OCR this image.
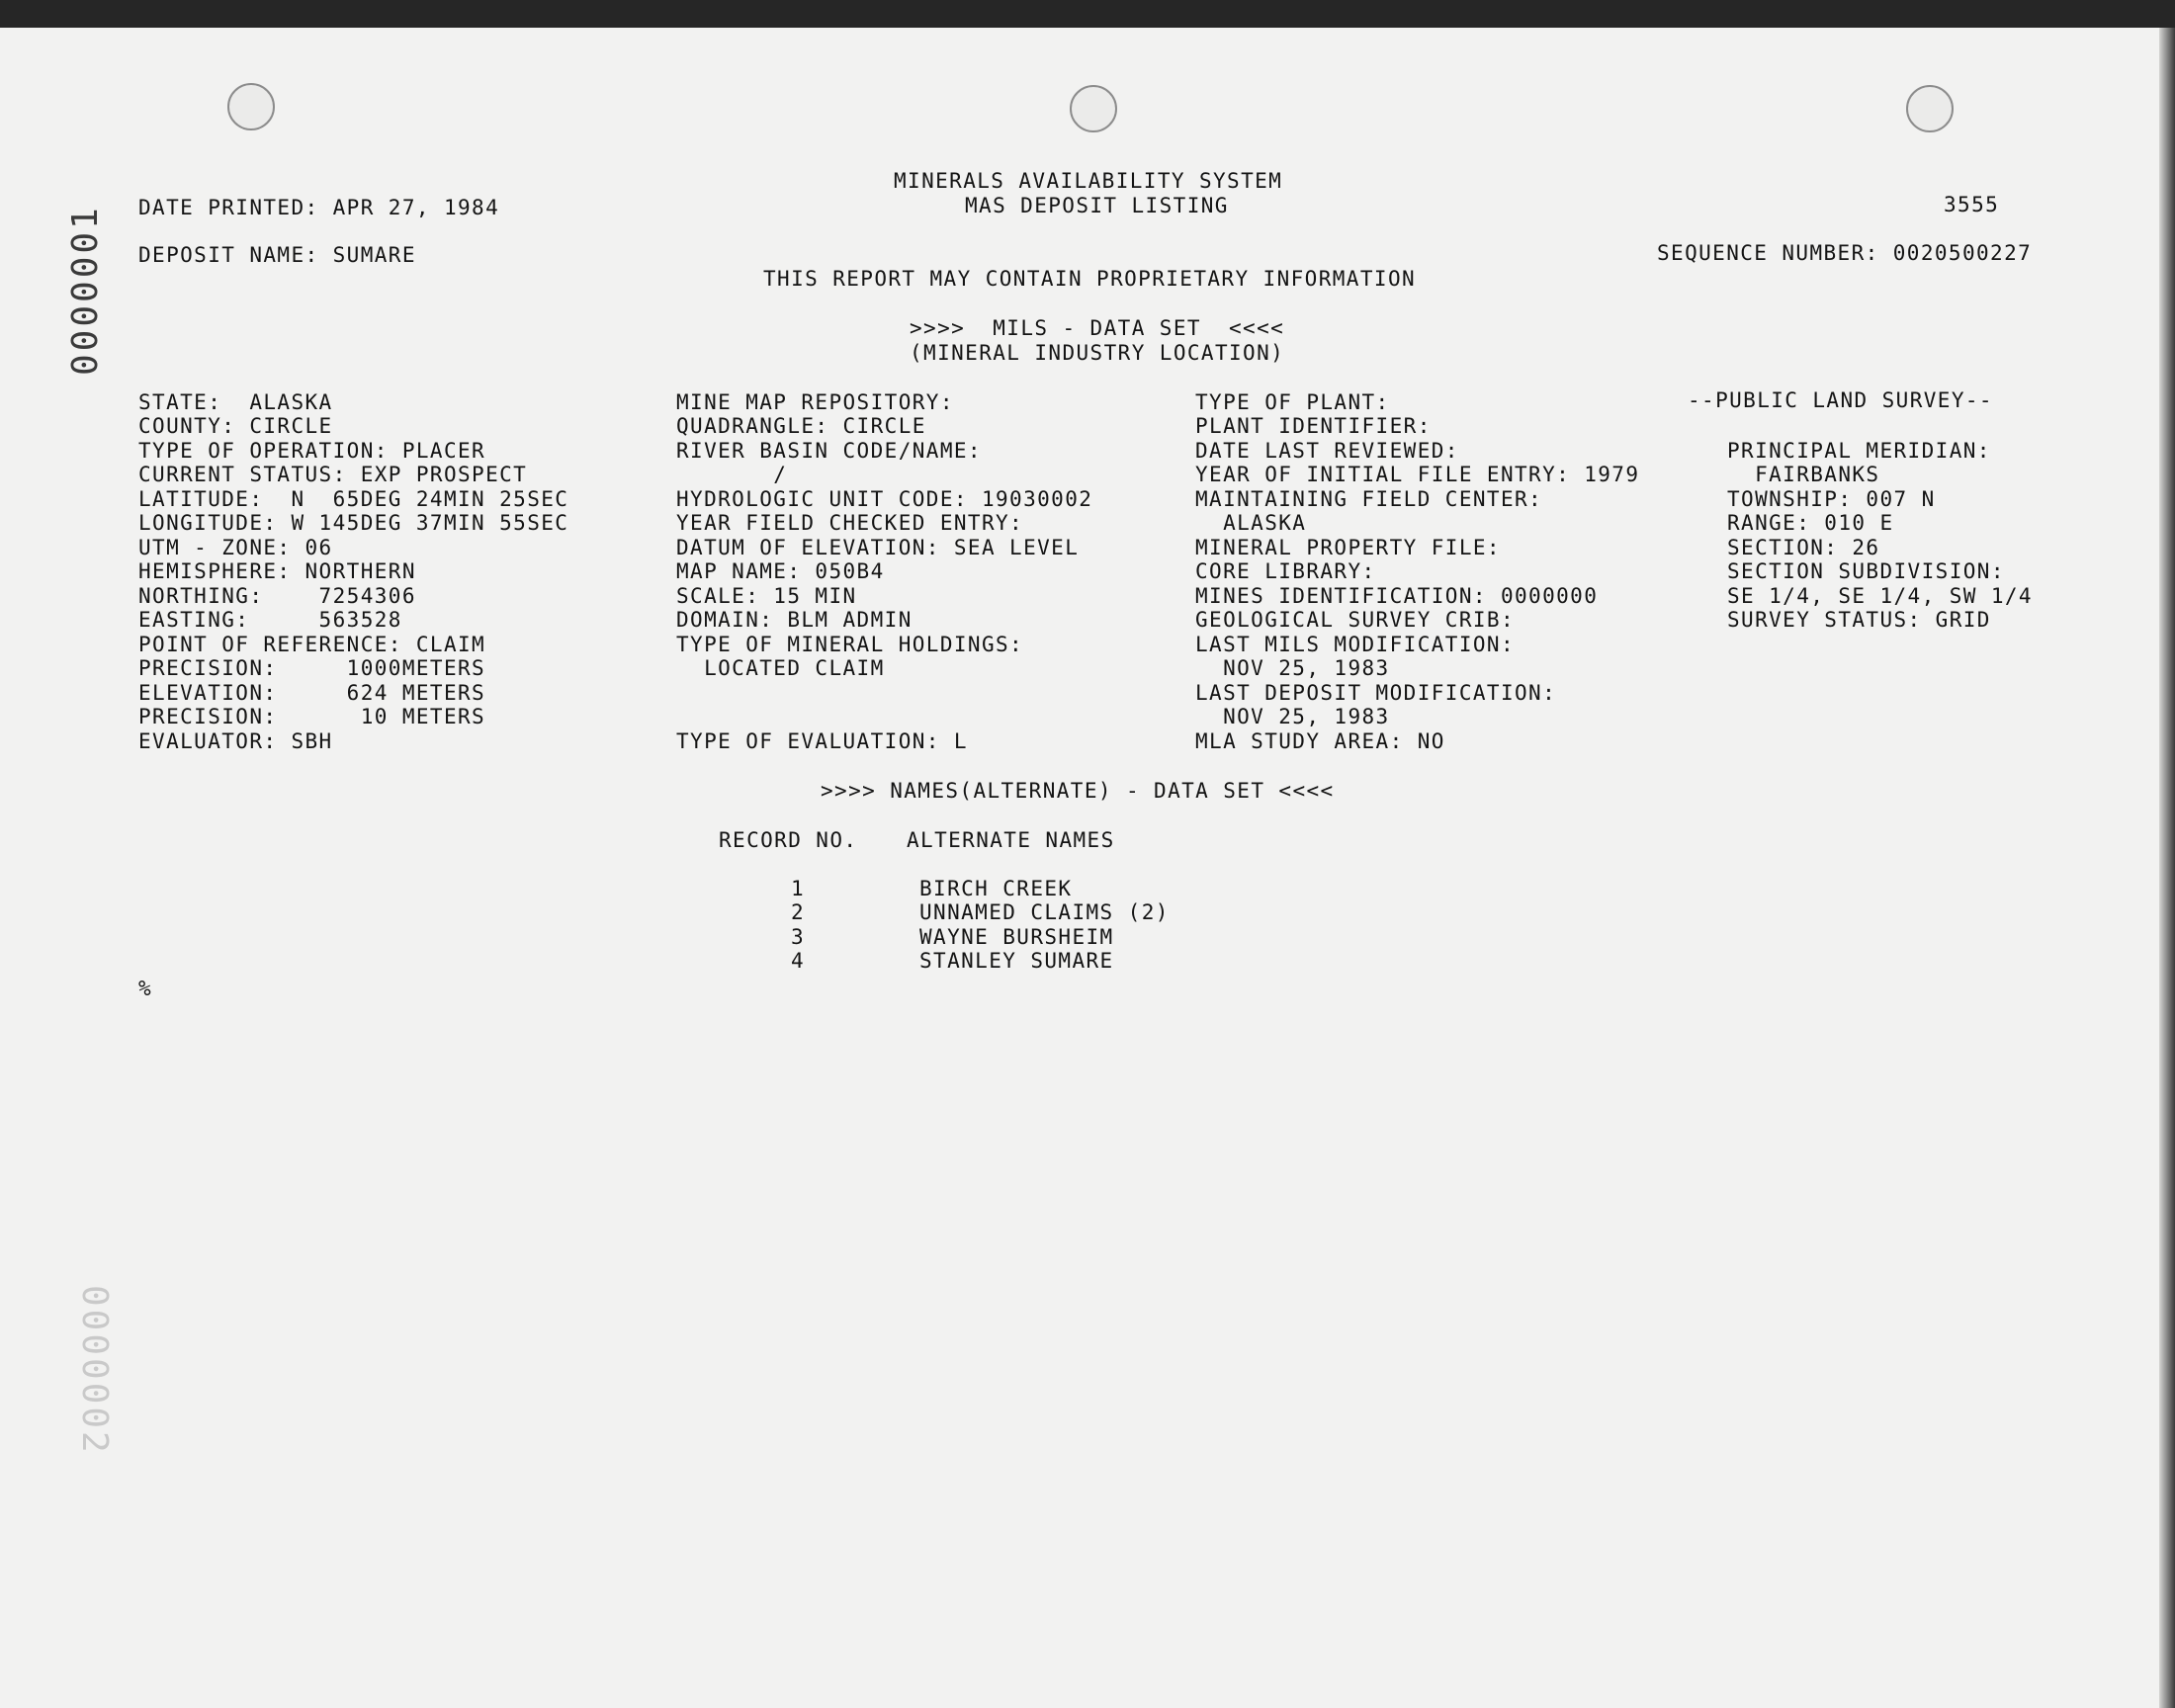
0000001
0000002
MINERALS AVAILABILITY SYSTEM
MAS DEPOSIT LISTING
DATE PRINTED: APR 27, 1984	3555
DEPOSIT NAME: SUMARE	SEQUENCE NUMBER: 0020500227
THIS REPORT MAY CONTAIN PROPRIETARY INFORMATION
>>>>  MILS - DATA SET  <<<<
(MINERAL INDUSTRY LOCATION)
STATE:  ALASKA
COUNTY: CIRCLE
TYPE OF OPERATION: PLACER
CURRENT STATUS: EXP PROSPECT
LATITUDE:  N  65DEG 24MIN 25SEC
LONGITUDE: W 145DEG 37MIN 55SEC
UTM - ZONE: 06
HEMISPHERE: NORTHERN
NORTHING:    7254306
EASTING:     563528
POINT OF REFERENCE: CLAIM
PRECISION:     1000METERS
ELEVATION:     624 METERS
PRECISION:      10 METERS
EVALUATOR: SBH
MINE MAP REPOSITORY:
QUADRANGLE: CIRCLE
RIVER BASIN CODE/NAME:
/
HYDROLOGIC UNIT CODE: 19030002
YEAR FIELD CHECKED ENTRY:
DATUM OF ELEVATION: SEA LEVEL
MAP NAME: 050B4
SCALE: 15 MIN
DOMAIN: BLM ADMIN
TYPE OF MINERAL HOLDINGS:
LOCATED CLAIM
TYPE OF EVALUATION: L
TYPE OF PLANT:
PLANT IDENTIFIER:
DATE LAST REVIEWED:
YEAR OF INITIAL FILE ENTRY: 1979
MAINTAINING FIELD CENTER:
ALASKA
MINERAL PROPERTY FILE:
CORE LIBRARY:
MINES IDENTIFICATION: 0000000
GEOLOGICAL SURVEY CRIB:
LAST MILS MODIFICATION:
NOV 25, 1983
LAST DEPOSIT MODIFICATION:
NOV 25, 1983
MLA STUDY AREA: NO
--PUBLIC LAND SURVEY--
PRINCIPAL MERIDIAN:
FAIRBANKS
TOWNSHIP: 007 N
RANGE: 010 E
SECTION: 26
SECTION SUBDIVISION:
SE 1/4, SE 1/4, SW 1/4
SURVEY STATUS: GRID
>>>> NAMES(ALTERNATE) - DATA SET <<<<
RECORD NO. ALTERNATE NAMES
1	BIRCH CREEK
2	UNNAMED CLAIMS (2)
3	WAYNE BURSHEIM
4	STANLEY SUMARE
%
